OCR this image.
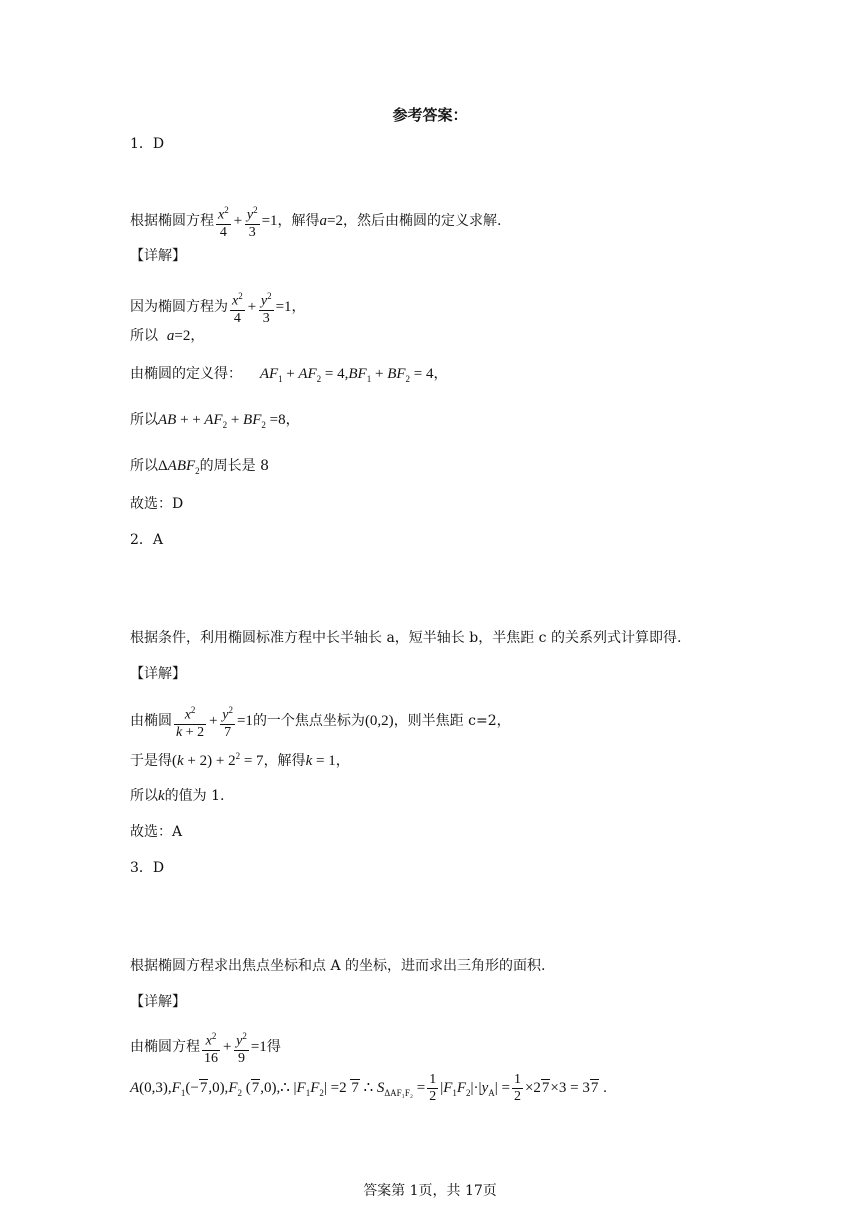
参考答案：
1．D
根据椭圆方程 $\frac{x^2}{4} + \frac{y^2}{3} =1$，解得a=2，然后由椭圆的定义求解.
【详解】
因为椭圆方程为 $\frac{x^2}{4} + \frac{y^2}{3} =1$，
所以 a=2，
由椭圆的定义得： $AF_1 + AF_2 = 4,BF_1 + BF_2 = 4$，
所以AB + + $AF_2 + BF_2 =8$，
所以$\Delta ABF_2$的周长是 8
故选：D
2．A
根据条件，利用椭圆标准方程中长半轴长 a，短半轴长 b，半焦距 c 的关系列式计算即得.
【详解】
由椭圆 $\frac{x^2}{k + 2} + \frac{y^2}{7} =1$的一个焦点坐标为(0,2)，则半焦距 c=2，
于是得$(k + 2) + 2^2 = 7$，解得k = 1，
所以k的值为 1.
故选：A
3．D
根据椭圆方程求出焦点坐标和点 A 的坐标，进而求出三角形的面积.
【详解】
由椭圆方程 $\frac{x^2}{16} + \frac{y^2}{9} =1$得
$A(0,3),F_1(-7,0),F_2$ (7,0),∴ $|F_1F_2| =2$ 7 ∴ $S_{\Delta AF_1F_2} = \frac{1}{2} |F_1F_2|\cdot|y_A| = \frac{1}{2} \times 27\times 3 = 37$ .
答案第 1页，共 17页
